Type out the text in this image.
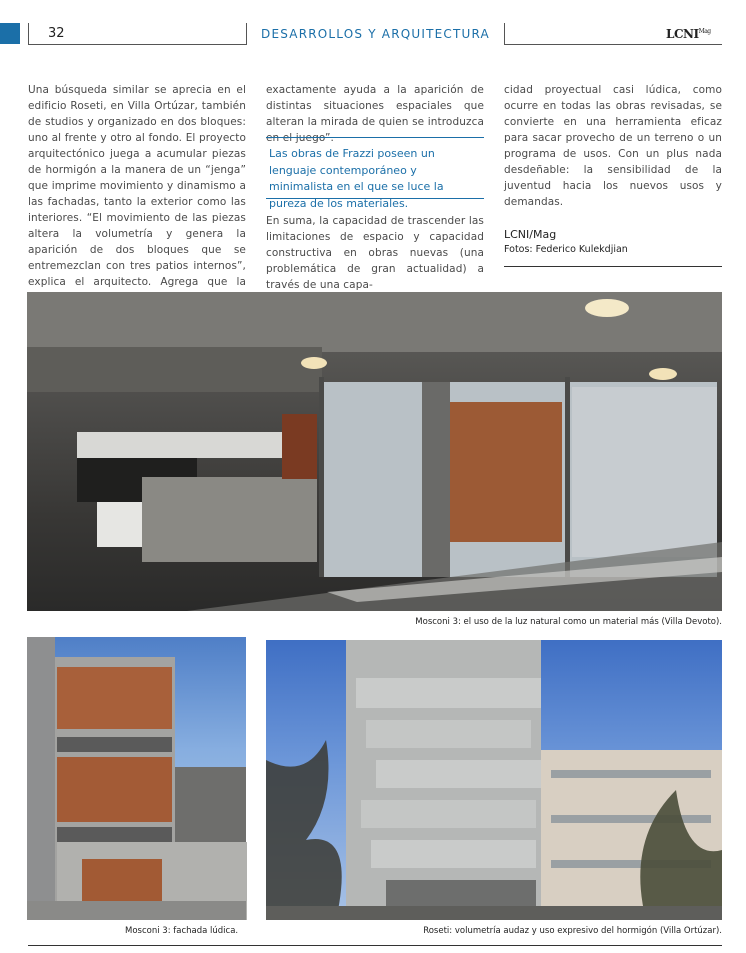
32	DESARROLLOS Y ARQUITECTURA	$LCNI^{Mag}$
Una búsqueda similar se aprecia en el edificio Roseti, en Villa Ortúzar, también de studios y organizado en dos bloques: uno al frente y otro al fondo. El proyecto arquitectónico juega a acumular piezas de hormigón a la manera de un “jenga” que imprime movimiento y dinamismo a las fachadas, tanto la exterior como las interiores. “El movimiento de las piezas altera la volumetría y genera la aparición de dos bloques que se entremezclan con tres patios internos”, explica el arquitecto. Agrega que la
exactamente ayuda a la aparición de distintas situaciones espaciales que alteran la mirada de quien se introduzca en el juego”.
Las obras de Frazzi poseen un lenguaje contemporáneo y minimalista en el que se luce la pureza de los materiales.
En suma, la capacidad de trascender las limitaciones de espacio y capacidad constructiva en obras nuevas (una problemática de gran actualidad) a través de una capa-
cidad proyectual casi lúdica, como ocurre en todas las obras revisadas, se convierte en una herramienta eficaz para sacar provecho de un terreno o un programa de usos. Con un plus nada desdeñable: la sensibilidad de la juventud hacia los nuevos usos y demandas.
LCNI/Mag
Fotos: Federico Kulekdjian
Mosconi 3: el uso de la luz natural como un material más (Villa Devoto).
Mosconi 3: fachada lúdica.	Roseti: volumetría audaz y uso expresivo del hormigón (Villa Ortúzar).
